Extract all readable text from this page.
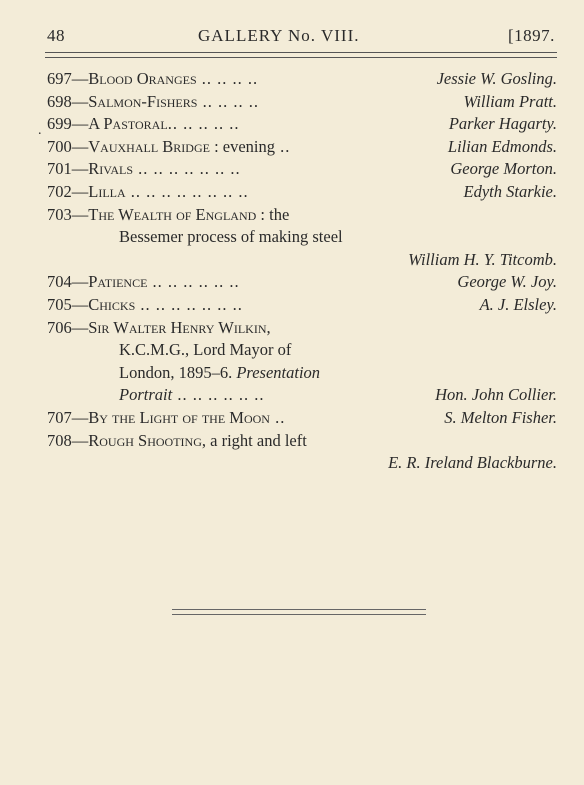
48	GALLERY No. VIII.	[1897.
.
697—Blood Oranges .. .. .. ..	Jessie W. Gosling.
698—Salmon-Fishers .. .. .. ..	William Pratt.
699—A Pastoral.. .. .. .. ..	Parker Hagarty.
700—Vauxhall Bridge : evening ..	Lilian Edmonds.
701—Rivals .. .. .. .. .. .. ..	George Morton.
702—Lilla .. .. .. .. .. .. .. ..	Edyth Starkie.
703—The Wealth of England : the
Bessemer process of making steel
William H. Y. Titcomb.
704—Patience .. .. .. .. .. ..	George W. Joy.
705—Chicks .. .. .. .. .. .. ..	A. J. Elsley.
706—Sir Walter Henry Wilkin,
K.C.M.G., Lord Mayor of
London, 1895–6. Presentation
Portrait .. .. .. .. .. ..	Hon. John Collier.
707—By the Light of the Moon ..	S. Melton Fisher.
708—Rough Shooting, a right and left
E. R. Ireland Blackburne.
